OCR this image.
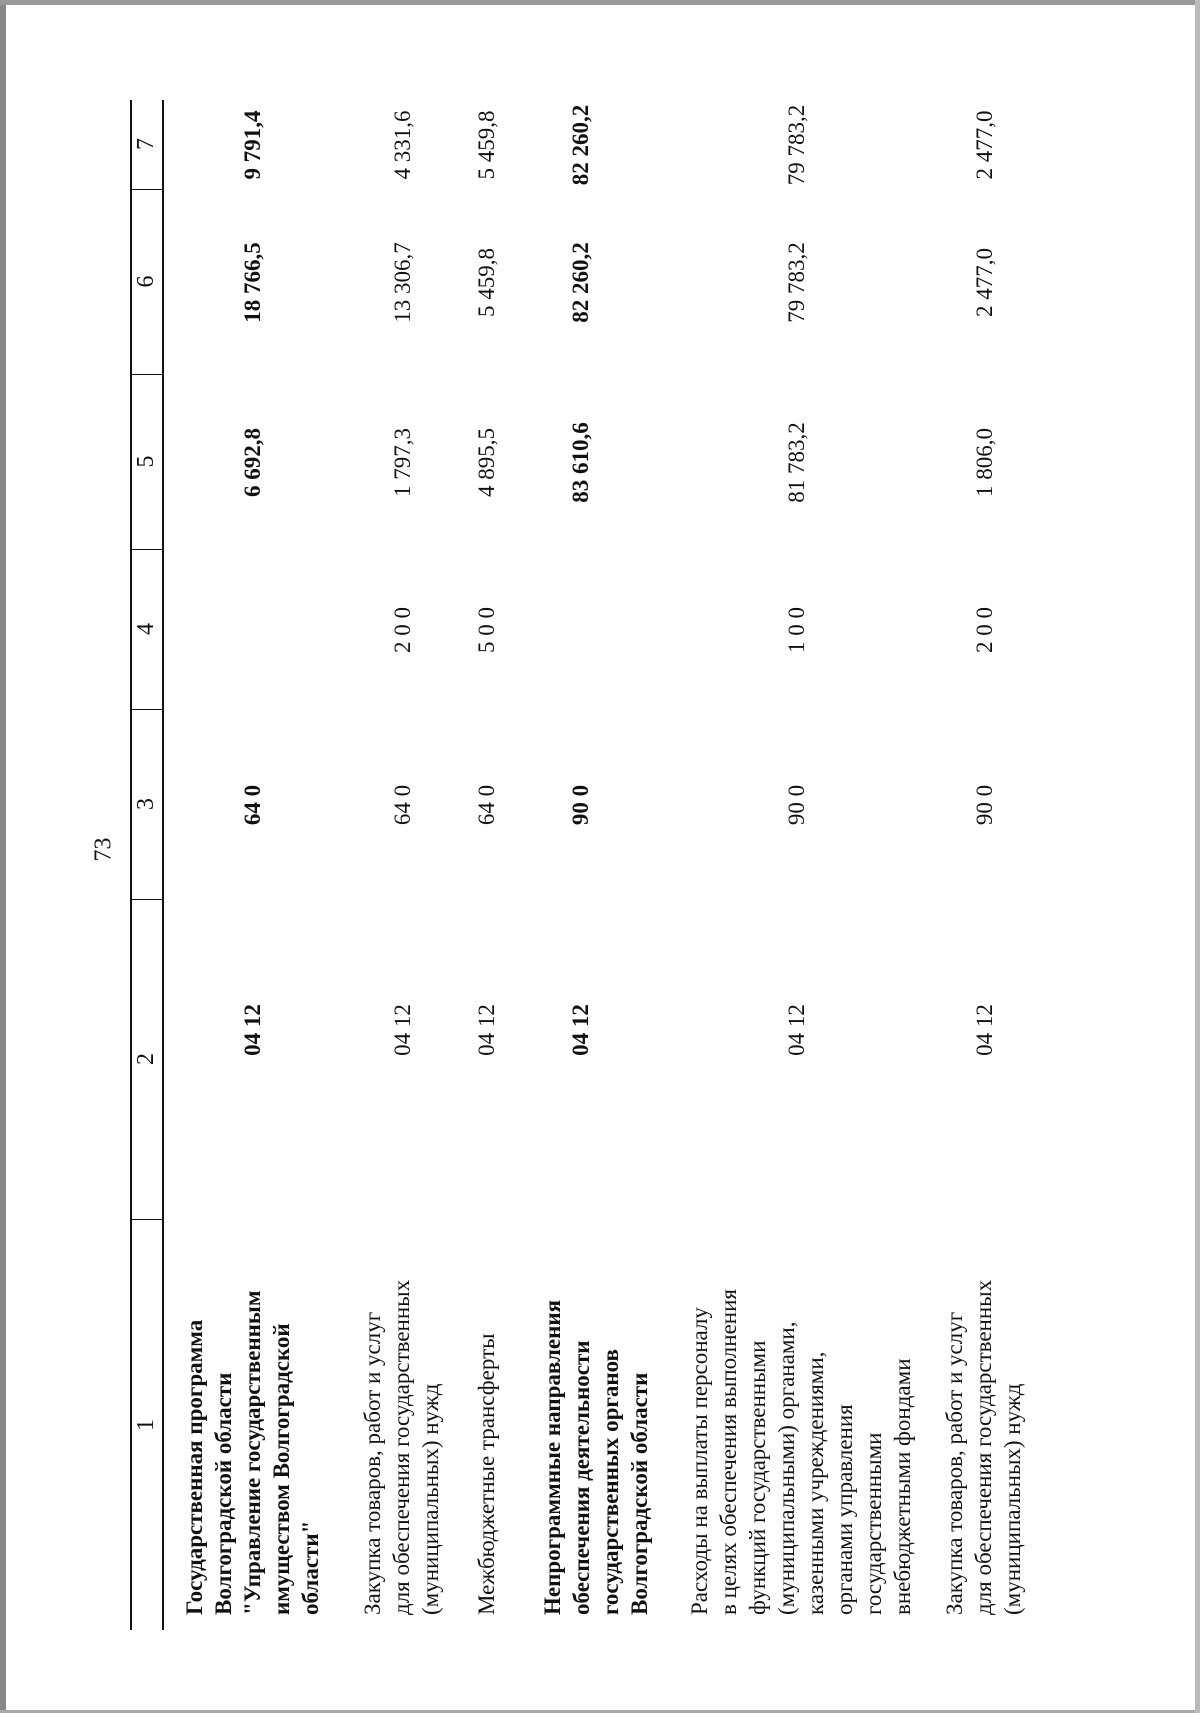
73
1
2
3
4
5
6
7
Государственная программа Волгоградской области "Управление государственным имуществом Волгоградской области"
04 12
64 0
6 692,8
18 766,5
9 791,4
Закупка товаров, работ и услуг для обеспечения государственных (муниципальных) нужд
04 12
64 0
2 0 0
1 797,3
13 306,7
4 331,6
Межбюджетные трансферты
04 12
64 0
5 0 0
4 895,5
5 459,8
5 459,8
Непрограммные направления обеспечения деятельности государственных органов Волгоградской области
04 12
90 0
83 610,6
82 260,2
82 260,2
Расходы на выплаты персоналу в целях обеспечения выполнения функций государственными (муниципальными) органами, казенными учреждениями, органами управления государственными внебюджетными фондами
04 12
90 0
1 0 0
81 783,2
79 783,2
79 783,2
Закупка товаров, работ и услуг для обеспечения государственных (муниципальных) нужд
04 12
90 0
2 0 0
1 806,0
2 477,0
2 477,0
